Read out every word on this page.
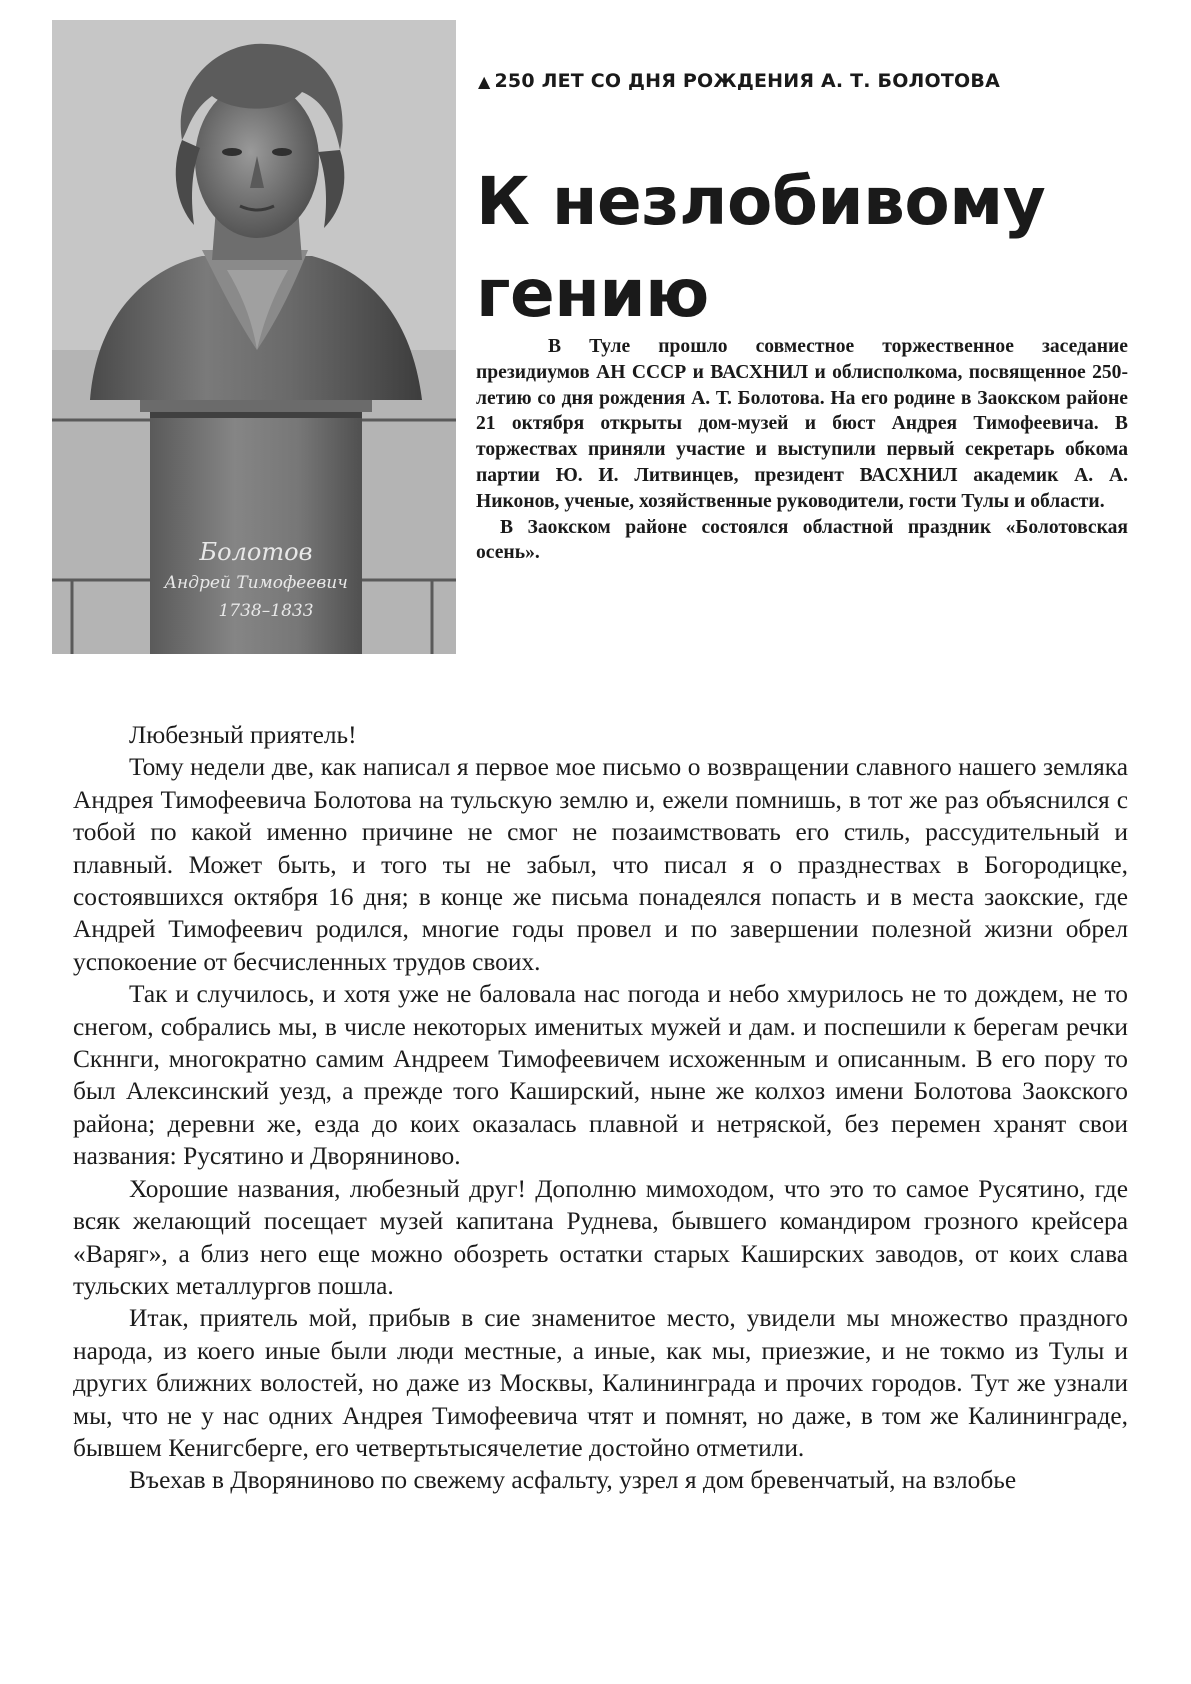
Болотов
Андрей Тимофеевич
1738–1833
▲ 250 ЛЕТ СО ДНЯ РОЖДЕНИЯ А. Т. БОЛОТОВА
К незлобивому
гению

В Туле прошло совместное торжественное заседание президиумов АН СССР и ВАСХНИЛ и облисполкома, посвященное 250-летию со дня рождения А. Т. Болотова. На его родине в Заокском районе 21 октября открыты дом-музей и бюст Андрея Тимофеевича. В торжествах приняли участие и выступили первый секретарь обкома партии Ю. И. Литвинцев, президент ВАСХНИЛ академик А. А. Никонов, ученые, хозяйственные руководители, гости Тулы и области.

В Заокском районе состоялся областной праздник «Болотовская осень».

Любезный приятель!

Тому недели две, как написал я первое мое письмо о возвращении славного нашего земляка Андрея Тимофеевича Болотова на тульскую землю и, ежели помнишь, в тот же раз объяснился с тобой по какой именно причине не смог не позаимствовать его стиль, рассудительный и плавный. Может быть, и того ты не забыл, что писал я о празднествах в Богородицке, состоявшихся октября 16 дня; в конце же письма понадеялся попасть и в места заокские, где Андрей Тимофеевич родился, многие годы провел и по завершении полезной жизни обрел успокоение от бесчисленных трудов своих.

Так и случилось, и хотя уже не баловала нас погода и небо хмурилось не то дождем, не то снегом, собрались мы, в числе некоторых именитых мужей и дам. и поспешили к берегам речки Скннги, многократно самим Андреем Тимофеевичем исхоженным и описанным. В его пору то был Алексинский уезд, а прежде того Каширский, ныне же колхоз имени Болотова Заокского района; деревни же, езда до коих оказалась плавной и нетряской, без перемен хранят свои названия: Русятино и Дворяниново.

Хорошие названия, любезный друг! Дополню мимоходом, что это то самое Русятино, где всяк желающий посещает музей капитана Руднева, бывшего командиром грозного крейсера «Варяг», а близ него еще можно обозреть остатки старых Каширских заводов, от коих слава тульских металлургов пошла.

Итак, приятель мой, прибыв в сие знаменитое место, увидели мы множество праздного народа, из коего иные были люди местные, а иные, как мы, приезжие, и не токмо из Тулы и других ближних волостей, но даже из Москвы, Калининграда и прочих городов. Тут же узнали мы, что не у нас одних Андрея Тимофеевича чтят и помнят, но даже, в том же Калининграде, бывшем Кенигсберге, его четвертьтысячелетие достойно отметили.

Въехав в Дворяниново по свежему асфальту, узрел я дом бревенчатый, на взлобье
